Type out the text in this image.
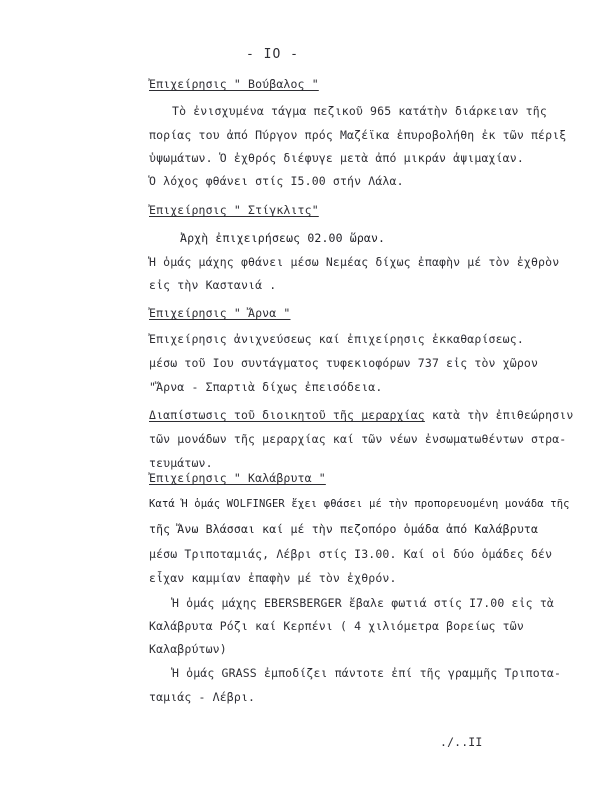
- IO -
Ἐπιχείρησις " Βούβαλος "
Τὸ ἐνισχυμένα τάγμα πεζικοῦ 965 κατάτὴν διάρκειαν τῆς
πορίας του ἀπό Πύργον πρός Μαζέϊκα ἐπυροβολήθη ἐκ τῶν πέριξ
ὑψωμάτων. Ὁ ἐχθρός διέφυγε μετὰ ἀπό μικράν ἀψιμαχίαν.
Ὁ λόχος φθάνει στίς Ι5.00 στήν Λάλα.
Ἐπιχείρησις " Στίγκλιτς"
Ἀρχὴ ἐπιχειρήσεως 02.00 ὥραν.
Ἡ ὁμάς μάχης φθάνει μέσω Νεμέας δίχως ἐπαφὴν μέ τὸν ἐχθρὸν
εἰς τὴν Καστανιά .
Ἐπιχείρησις " Ἄρνα "
Ἐπιχείρησις ἀνιχνεύσεως καί ἐπιχείρησις ἐκκαθαρίσεως.
μέσω τοῦ Ιου συντάγματος τυφεκιοφόρων 737 εἰς τὸν χῶρον
"Ἄρνα - Σπαρτιὰ δίχως ἐπεισόδεια.
Διαπίστωσις τοῦ διοικητοῦ τῆς μεραρχίας κατὰ τὴν ἐπιθεώρησιν
τῶν μονάδων τῆς μεραρχίας καί τῶν νέων ἐνσωματωθέντων στρα-
τευμάτων.
Ἐπιχείρησις " Καλάβρυτα "
Κατά Ἡ ὁμάς WOLFINGER ἔχει φθάσει μέ τὴν προπορευομένη μονάδα τῆς
τῆς Ἄνω Βλάσσαι καί μέ τὴν πεζοπόρο ὁμάδα ἀπό Καλάβρυτα
μέσω Τριποταμιάς, Λέβρι στίς Ι3.00. Καί οἱ δύο ὁμάδες δέν
εἶχαν καμμίαν ἐπαφὴν μέ τὸν ἐχθρόν.
Ἡ ὁμάς μάχης EBERSBERGER ἔβαλε φωτιά στίς Ι7.00 εἰς τὰ
Καλάβρυτα Ρόζι καί Κερπένι ( 4 χιλιόμετρα βορείως τῶν
Καλαβρύτων)
Ἡ ὁμάς GRASS ἐμποδίζει πάντοτε ἐπί τῆς γραμμῆς Τριποτα-
ταμιάς - Λέβρι.
./..II
